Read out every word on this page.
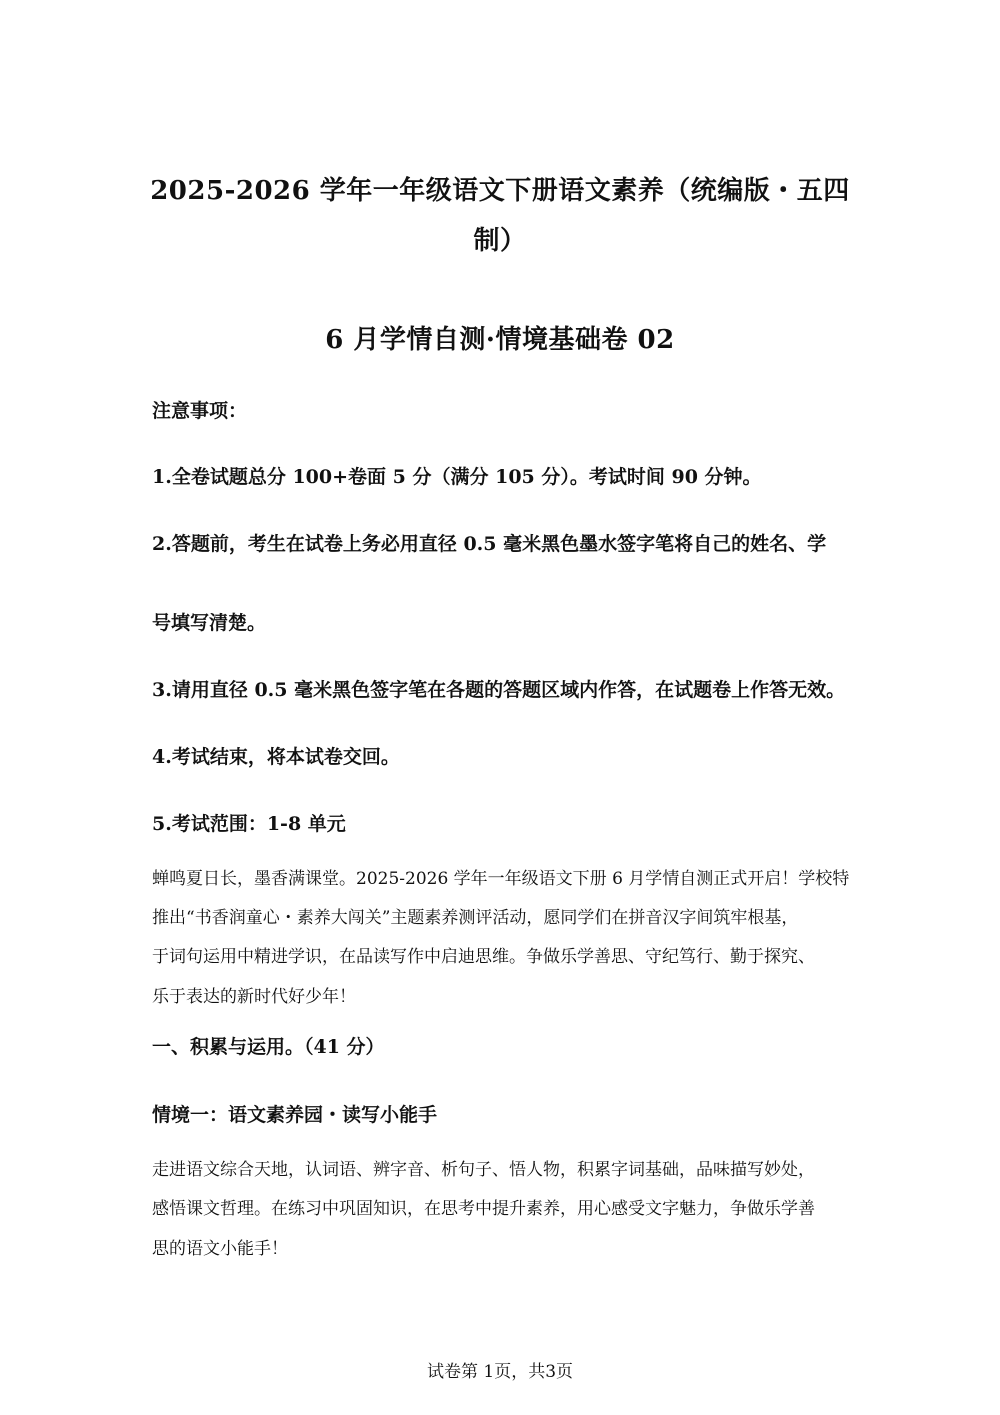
2025-2026 学年一年级语文下册语文素养（统编版・五四
制）
6 月学情自测·情境基础卷 02
注意事项：
1.全卷试题总分 100+卷面 5 分（满分 105 分）。考试时间 90 分钟。
2.答题前，考生在试卷上务必用直径 0.5 毫米黑色墨水签字笔将自己的姓名、学
号填写清楚。
3.请用直径 0.5 毫米黑色签字笔在各题的答题区域内作答，在试题卷上作答无效。
4.考试结束，将本试卷交回。
5.考试范围：1-8 单元
蝉鸣夏日长，墨香满课堂。2025-2026 学年一年级语文下册 6 月学情自测正式开启！学校特
推出“书香润童心・素养大闯关”主题素养测评活动，愿同学们在拼音汉字间筑牢根基，
于词句运用中精进学识，在品读写作中启迪思维。争做乐学善思、守纪笃行、勤于探究、
乐于表达的新时代好少年！
一、积累与运用。（41 分）
情境一：语文素养园・读写小能手
走进语文综合天地，认词语、辨字音、析句子、悟人物，积累字词基础，品味描写妙处，
感悟课文哲理。在练习中巩固知识，在思考中提升素养，用心感受文字魅力，争做乐学善
思的语文小能手！
试卷第 1页，共3页
